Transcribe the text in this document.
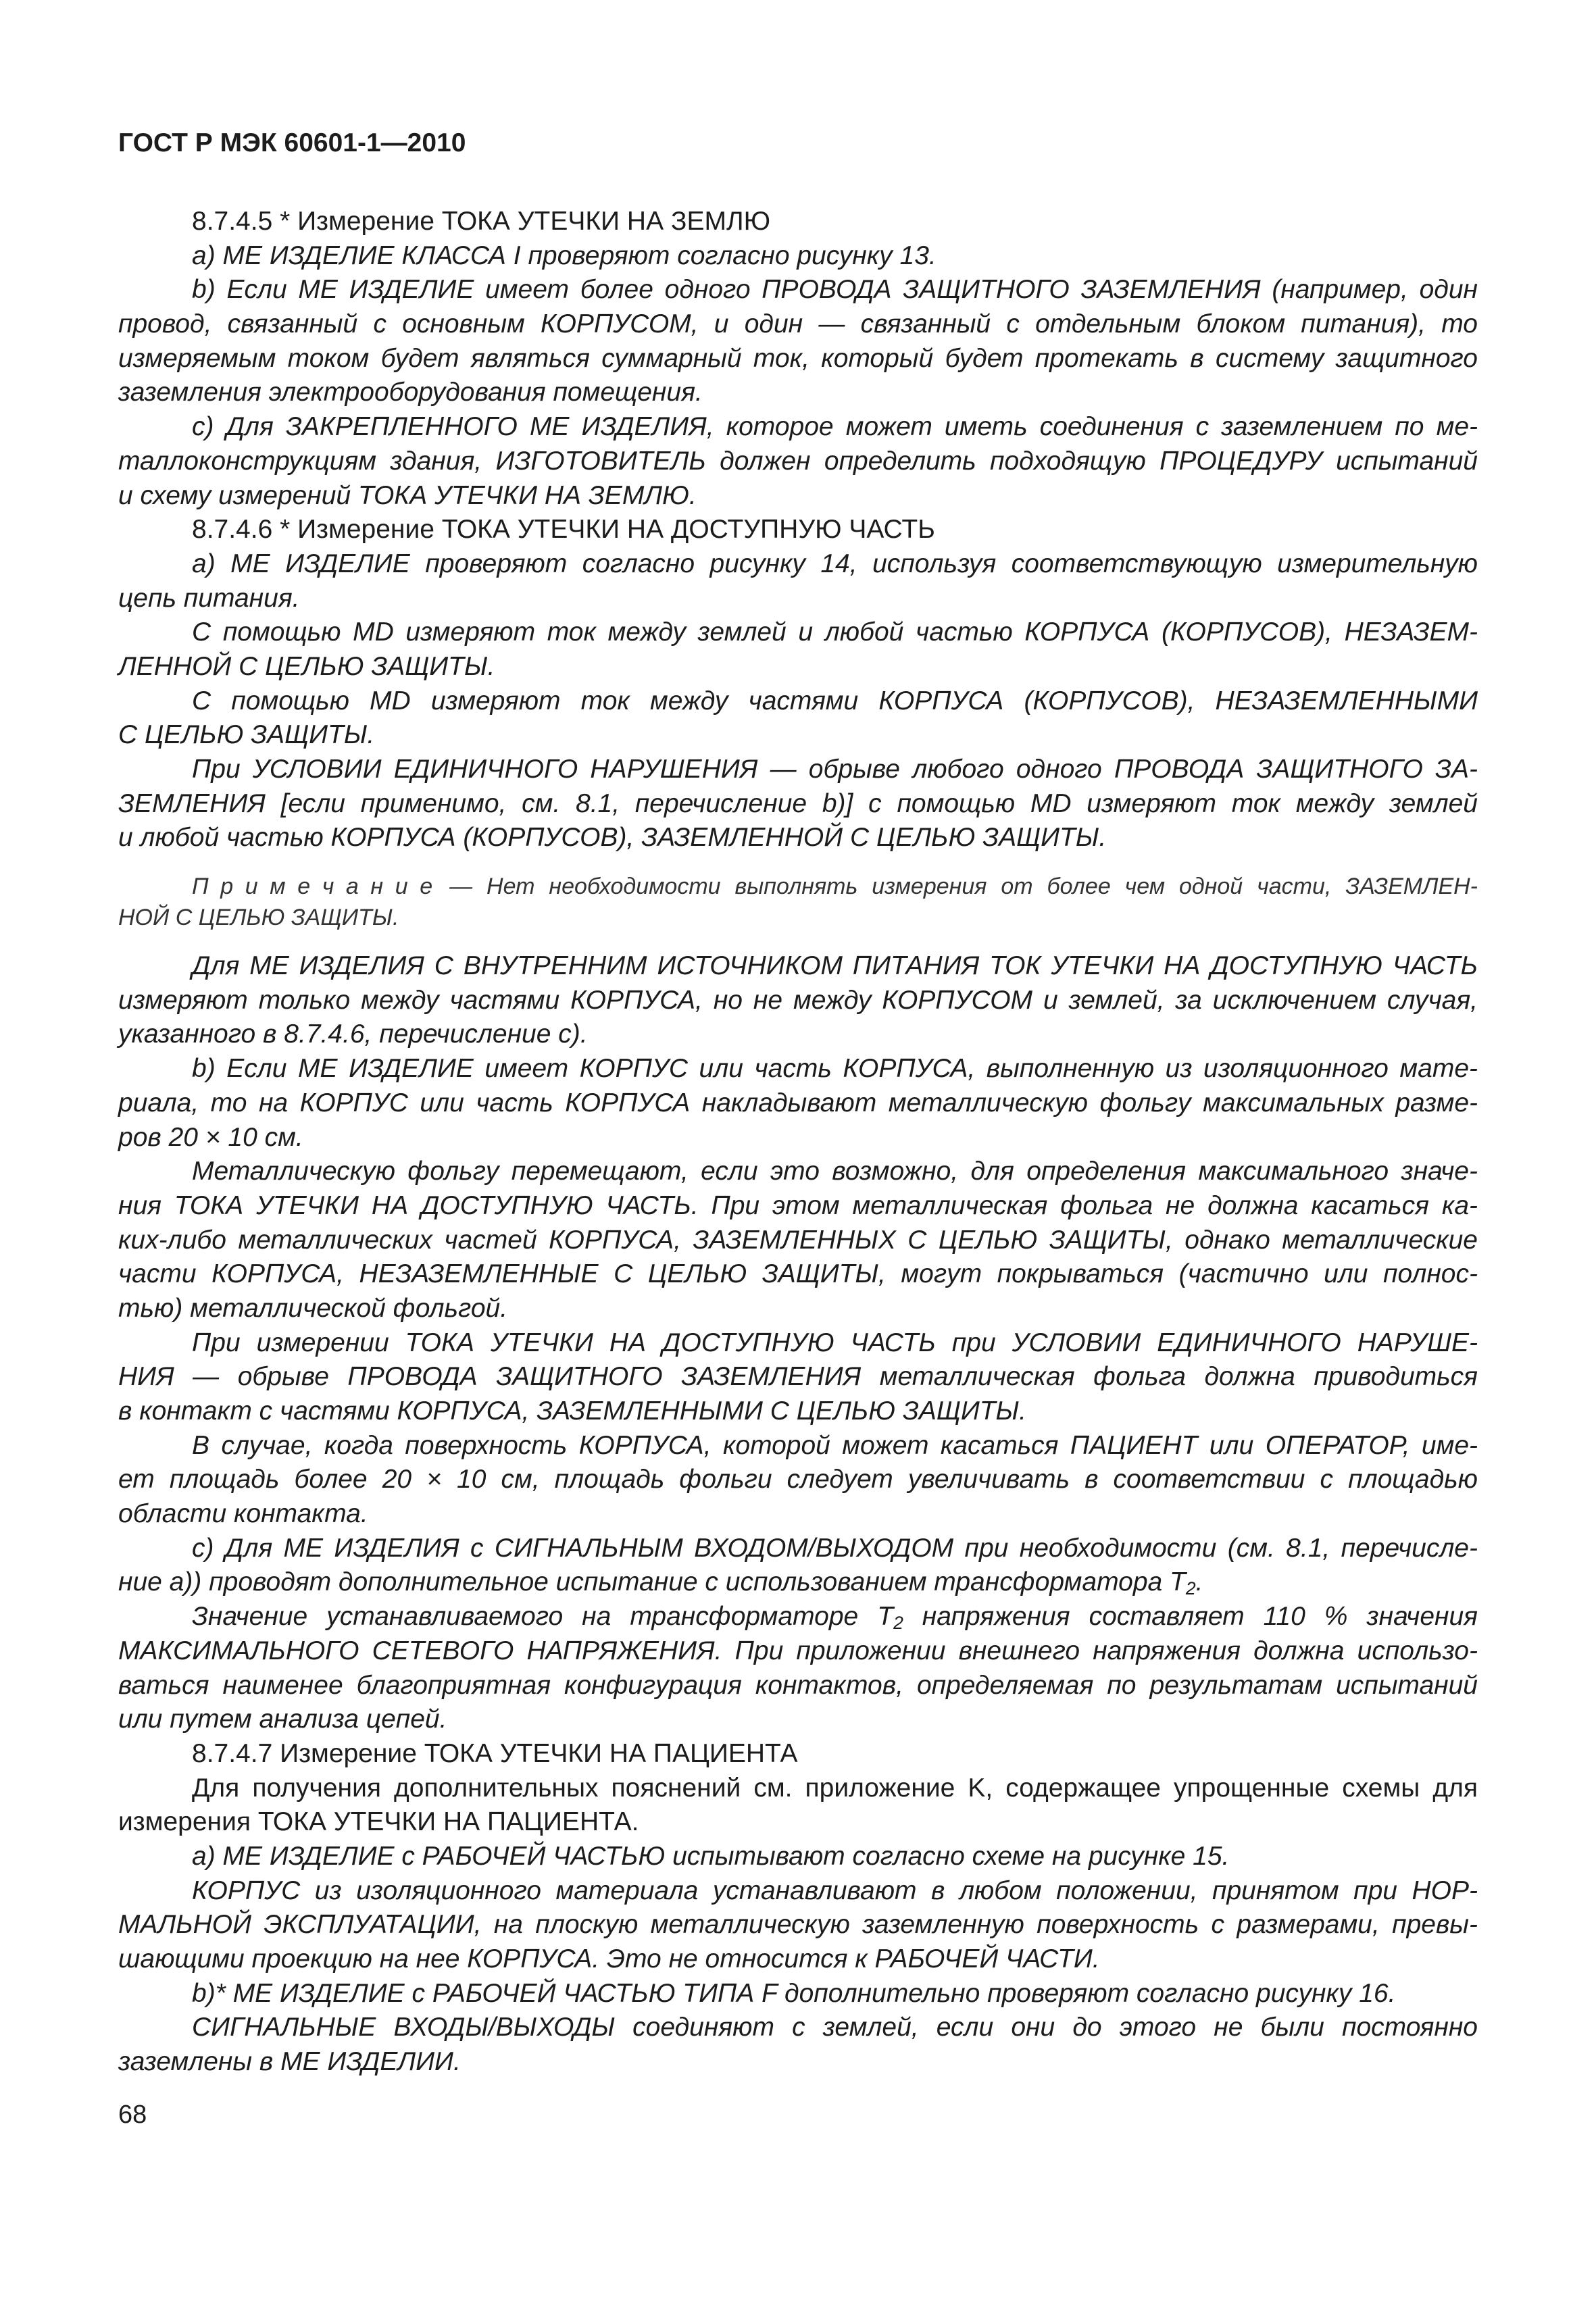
ГОСТ Р МЭК 60601-1—2010
8.7.4.5 * Измерение ТОКА УТЕЧКИ НА ЗЕМЛЮ
а) МЕ ИЗДЕЛИЕ КЛАССА I проверяют согласно рисунку 13.
b) Если МЕ ИЗДЕЛИЕ имеет более одного ПРОВОДА ЗАЩИТНОГО ЗАЗЕМЛЕНИЯ (например, один
провод, связанный с основным КОРПУСОМ, и один — связанный с отдельным блоком питания), то
измеряемым током будет являться суммарный ток, который будет протекать в систему защитного
заземления электрооборудования помещения.
с) Для ЗАКРЕПЛЕННОГО МЕ ИЗДЕЛИЯ, которое может иметь соединения с заземлением по ме-
таллоконструкциям здания, ИЗГОТОВИТЕЛЬ должен определить подходящую ПРОЦЕДУРУ испытаний
и схему измерений ТОКА УТЕЧКИ НА ЗЕМЛЮ.
8.7.4.6 * Измерение ТОКА УТЕЧКИ НА ДОСТУПНУЮ ЧАСТЬ
а) МЕ ИЗДЕЛИЕ проверяют согласно рисунку 14, используя соответствующую измерительную
цепь питания.
С помощью MD измеряют ток между землей и любой частью КОРПУСА (КОРПУСОВ), НЕЗАЗЕМ-
ЛЕННОЙ С ЦЕЛЬЮ ЗАЩИТЫ.
С помощью MD измеряют ток между частями КОРПУСА (КОРПУСОВ), НЕЗАЗЕМЛЕННЫМИ
С ЦЕЛЬЮ ЗАЩИТЫ.
При УСЛОВИИ ЕДИНИЧНОГО НАРУШЕНИЯ — обрыве любого одного ПРОВОДА ЗАЩИТНОГО ЗА-
ЗЕМЛЕНИЯ [если применимо, см. 8.1, перечисление b)] с помощью MD измеряют ток между землей
и любой частью КОРПУСА (КОРПУСОВ), ЗАЗЕМЛЕННОЙ С ЦЕЛЬЮ ЗАЩИТЫ.
П р и м е ч а н и е — Нет необходимости выполнять измерения от более чем одной части, ЗАЗЕМЛЕН-
НОЙ С ЦЕЛЬЮ ЗАЩИТЫ.
Для МЕ ИЗДЕЛИЯ С ВНУТРЕННИМ ИСТОЧНИКОМ ПИТАНИЯ ТОК УТЕЧКИ НА ДОСТУПНУЮ ЧАСТЬ
измеряют только между частями КОРПУСА, но не между КОРПУСОМ и землей, за исключением случая,
указанного в 8.7.4.6, перечисление с).
b) Если МЕ ИЗДЕЛИЕ имеет КОРПУС или часть КОРПУСА, выполненную из изоляционного мате-
риала, то на КОРПУС или часть КОРПУСА накладывают металлическую фольгу максимальных разме-
ров 20 × 10 см.
Металлическую фольгу перемещают, если это возможно, для определения максимального значе-
ния ТОКА УТЕЧКИ НА ДОСТУПНУЮ ЧАСТЬ. При этом металлическая фольга не должна касаться ка-
ких-либо металлических частей КОРПУСА, ЗАЗЕМЛЕННЫХ С ЦЕЛЬЮ ЗАЩИТЫ, однако металлические
части КОРПУСА, НЕЗАЗЕМЛЕННЫЕ С ЦЕЛЬЮ ЗАЩИТЫ, могут покрываться (частично или полнос-
тью) металлической фольгой.
При измерении ТОКА УТЕЧКИ НА ДОСТУПНУЮ ЧАСТЬ при УСЛОВИИ ЕДИНИЧНОГО НАРУШЕ-
НИЯ — обрыве ПРОВОДА ЗАЩИТНОГО ЗАЗЕМЛЕНИЯ металлическая фольга должна приводиться
в контакт с частями КОРПУСА, ЗАЗЕМЛЕННЫМИ С ЦЕЛЬЮ ЗАЩИТЫ.
В случае, когда поверхность КОРПУСА, которой может касаться ПАЦИЕНТ или ОПЕРАТОР, име-
ет площадь более 20 × 10 см, площадь фольги следует увеличивать в соответствии с площадью
области контакта.
с) Для МЕ ИЗДЕЛИЯ с СИГНАЛЬНЫМ ВХОДОМ/ВЫХОДОМ при необходимости (см. 8.1, перечисле-
ние а)) проводят дополнительное испытание с использованием трансформатора $T_2$.
Значение устанавливаемого на трансформаторе $T_2$ напряжения составляет 110 % значения
МАКСИМАЛЬНОГО СЕТЕВОГО НАПРЯЖЕНИЯ. При приложении внешнего напряжения должна использо-
ваться наименее благоприятная конфигурация контактов, определяемая по результатам испытаний
или путем анализа цепей.
8.7.4.7 Измерение ТОКА УТЕЧКИ НА ПАЦИЕНТА
Для получения дополнительных пояснений см. приложение K, содержащее упрощенные схемы для
измерения ТОКА УТЕЧКИ НА ПАЦИЕНТА.
а) МЕ ИЗДЕЛИЕ с РАБОЧЕЙ ЧАСТЬЮ испытывают согласно схеме на рисунке 15.
КОРПУС из изоляционного материала устанавливают в любом положении, принятом при НОР-
МАЛЬНОЙ ЭКСПЛУАТАЦИИ, на плоскую металлическую заземленную поверхность с размерами, превы-
шающими проекцию на нее КОРПУСА. Это не относится к РАБОЧЕЙ ЧАСТИ.
b)* МЕ ИЗДЕЛИЕ с РАБОЧЕЙ ЧАСТЬЮ ТИПА F дополнительно проверяют согласно рисунку 16.
СИГНАЛЬНЫЕ ВХОДЫ/ВЫХОДЫ соединяют с землей, если они до этого не были постоянно
заземлены в МЕ ИЗДЕЛИИ.
68
